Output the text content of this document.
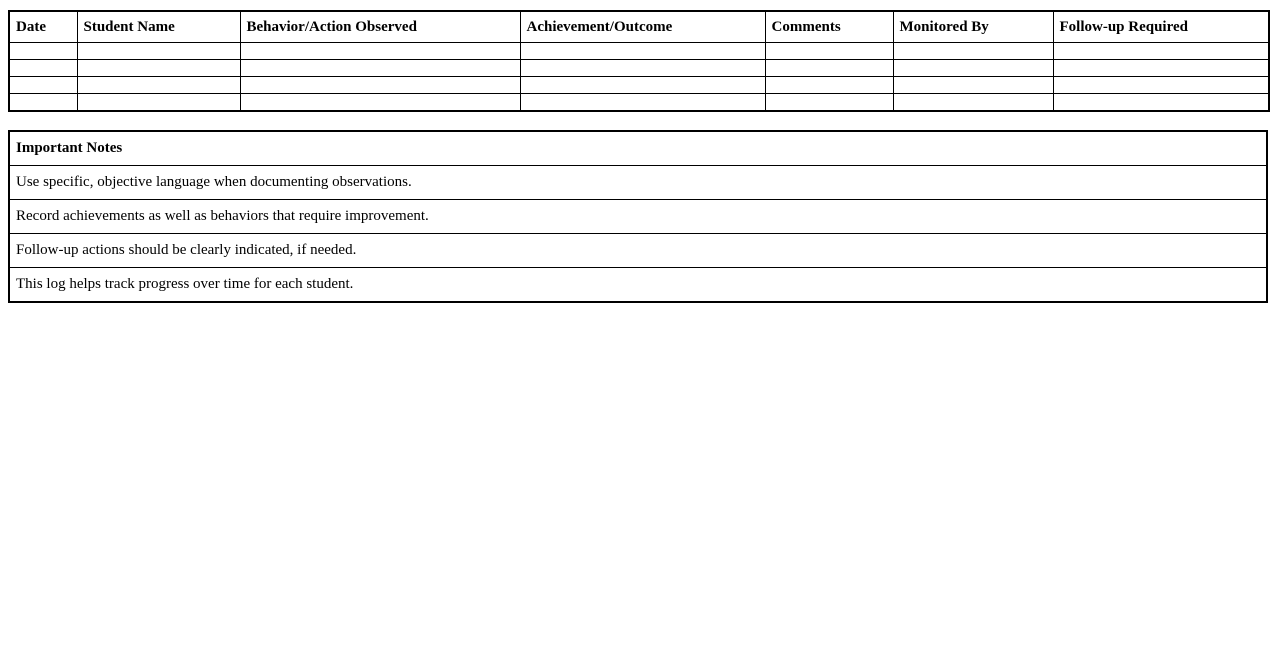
Date	Student Name	Behavior/Action Observed	Achievement/Outcome	Comments	Monitored By	Follow-up Required

Important Notes
Use specific, objective language when documenting observations.
Record achievements as well as behaviors that require improvement.
Follow-up actions should be clearly indicated, if needed.
This log helps track progress over time for each student.
